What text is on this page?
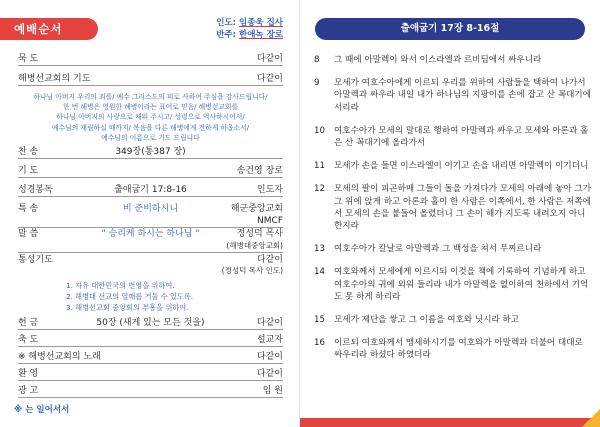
예배순서	인도: 임종욱 집사
반주: 한애녹 장로
묵 도	다같이
해병선교회의 기도	다같이

하나님 아버지 우리의 죄를/ 예수 그리스도의 피로 사하여 주심을 감사드립니다/

한 번 해병은 영원한 해병이라는 표어로 믿음/ 해병선교회를

하나님 아버지의 사랑으로 채워 주시고/ 성령으로 역사하시어서/

예수님의 재림하실 때까지/ 복음을 다른 해병에게 전하게 하옵소서/

예수님의 이름으로 기도 드립니다

찬 송	349장(통387 장)
기 도	송건영 장로
성경봉독	출애굽기 17:8-16	인도자
특 송	비 준비하시니	해군중앙교회
NMCF
말 씀	" 승리케 하시는 하나님 "	정성덕 목사
(해병대중앙교회)
통성기도	다같이
(정성덕 목사 인도)

1. 자유 대한민국의 번영을 위하여.

2. 해병대 선교의 열매를 거둘 수 있도록.

3. 해병선교회 중앙회의 부흥을 위하여.

헌 금	50장 (새게 있는 모든 것을)	다같이
축 도	설교자
※ 해병선교회의 노래	다같이
환 영	다같이
광 고	임 원
※ 는 일어서서
출애굽기 17장 8-16절
8 그 때에 아말렉이 와서 이스라엘과 르비딤에서 싸우니라
9 모세가 여호수아에게 이르되 우리를 위하여 사람들을 택하여 나가서 아말렉과 싸우라 내일 내가 하나님의 지팡이를 손에 잡고 산 꼭대기에 서리라
10 여호수아가 모세의 말대로 행하여 아말렉과 싸우고 모세와 아론과 훌은 산 꼭대기에 올라가서
11 모세가 손을 들면 이스라엘이 이기고 손을 내리면 아말렉이 이기더니
12 모세의 팔이 피곤하매 그들이 돌을 가져다가 모세의 아래에 놓아 그가 그 위에 앉게 하고 아론과 훌이 한 사람은 이쪽에서, 한 사람은 저쪽에서 모세의 손을 붙들어 올렸더니 그 손이 해가 지도록 내려오지 아니한지라
13 여호수아가 칼날로 아말렉과 그 백성을 쳐서 무찌르니라
14 여호와께서 모세에게 이르시되 이것을 책에 기록하여 기념하게 하고 여호수아의 귀에 외워 들리라 내가 아말렉을 없이하여 천하에서 기억도 못 하게 하리라
15 모세가 제단을 쌓고 그 이름을 여호와 닛시라 하고
16 이르되 여호와께서 맹세하시기를 여호와가 아말렉과 더불어 대대로 싸우리라 하셨다 하였더라
